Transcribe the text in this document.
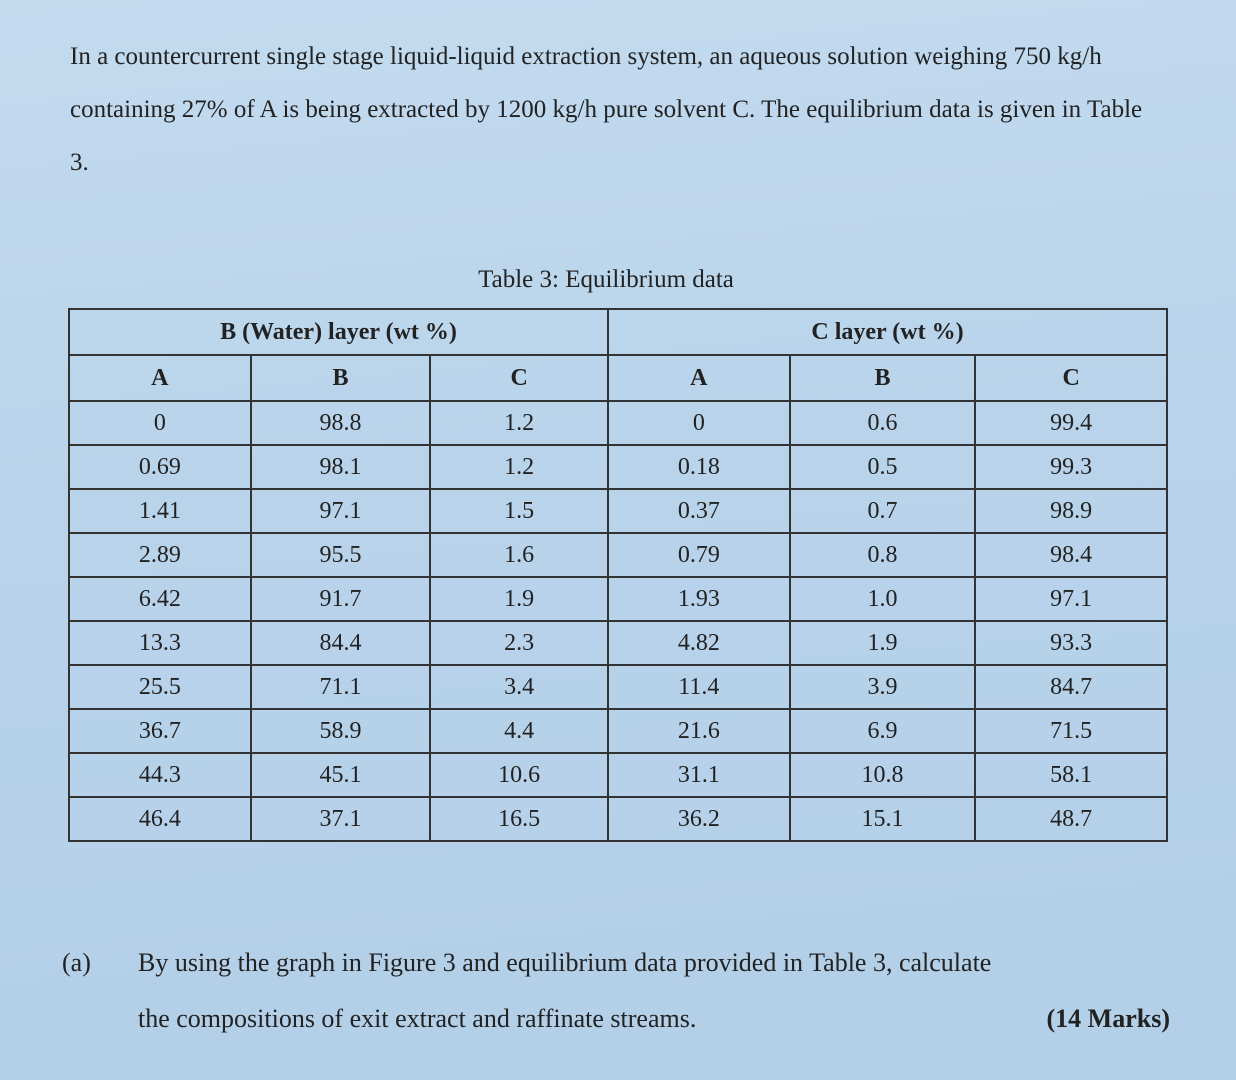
In a countercurrent single stage liquid-liquid extraction system, an aqueous solution weighing 750 kg/h containing 27% of A is being extracted by 1200 kg/h pure solvent C. The equilibrium data is given in Table 3.
Table 3: Equilibrium data
B (Water) layer (wt %)			C layer (wt %)		
A	B	C	A	B	C
0	98.8	1.2	0	0.6	99.4
0.69	98.1	1.2	0.18	0.5	99.3
1.41	97.1	1.5	0.37	0.7	98.9
2.89	95.5	1.6	0.79	0.8	98.4
6.42	91.7	1.9	1.93	1.0	97.1
13.3	84.4	2.3	4.82	1.9	93.3
25.5	71.1	3.4	11.4	3.9	84.7
36.7	58.9	4.4	21.6	6.9	71.5
44.3	45.1	10.6	31.1	10.8	58.1
46.4	37.1	16.5	36.2	15.1	48.7
(a) By using the graph in Figure 3 and equilibrium data provided in Table 3, calculate
the compositions of exit extract and raffinate streams.	(14 Marks)
